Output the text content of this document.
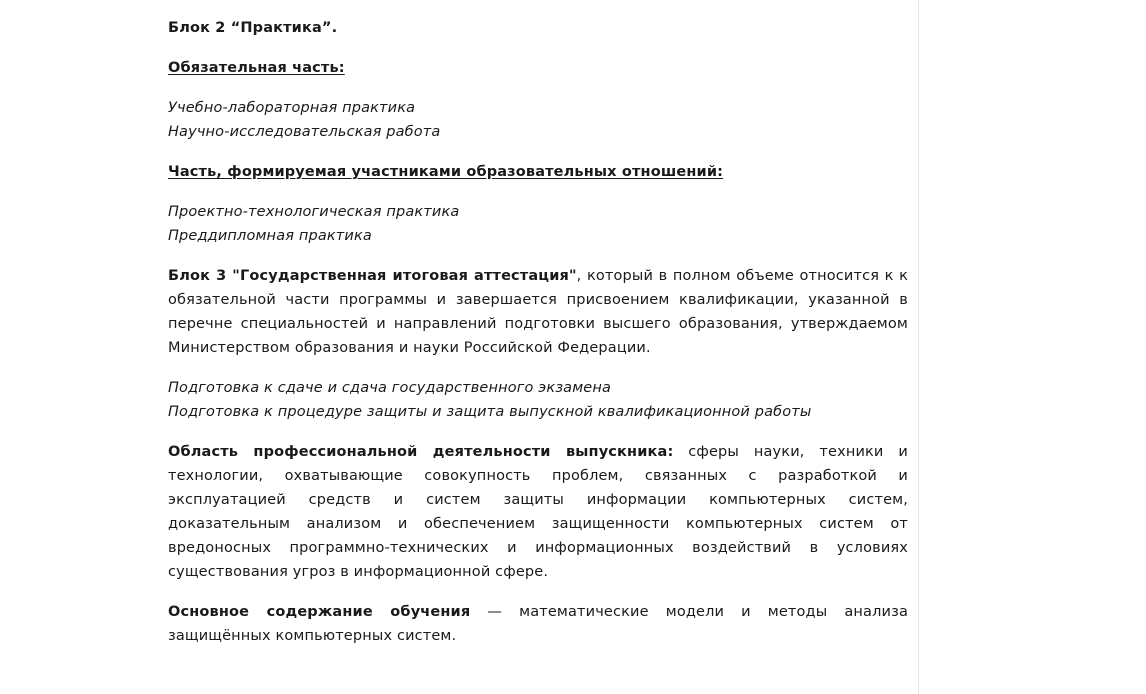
Блок 2 “Практика”.

Обязательная часть:

Учебно-лабораторная практика
Научно-исследовательская работа

Часть, формируемая участниками образовательных отношений:

Проектно-технологическая практика
Преддипломная практика

Блок 3 "Государственная итоговая аттестация", который в полном объеме относится к к обязательной части программы и завершается присвоением квалификации, указанной в перечне специальностей и направлений подготовки высшего образования, утверждаемом Министерством образования и науки Российской Федерации.

Подготовка к сдаче и сдача государственного экзамена
Подготовка к процедуре защиты и защита выпускной квалификационной работы

Область профессиональной деятельности выпускника: сферы науки, техники и технологии, охватывающие совокупность проблем, связанных с разработкой и эксплуатацией средств и систем защиты информации компьютерных систем, доказательным анализом и обеспечением защищенности компьютерных систем от вредоносных программно-технических и информационных воздействий в условиях существования угроз в информационной сфере.

Основное содержание обучения — математические модели и методы анализа защищённых компьютерных систем.
